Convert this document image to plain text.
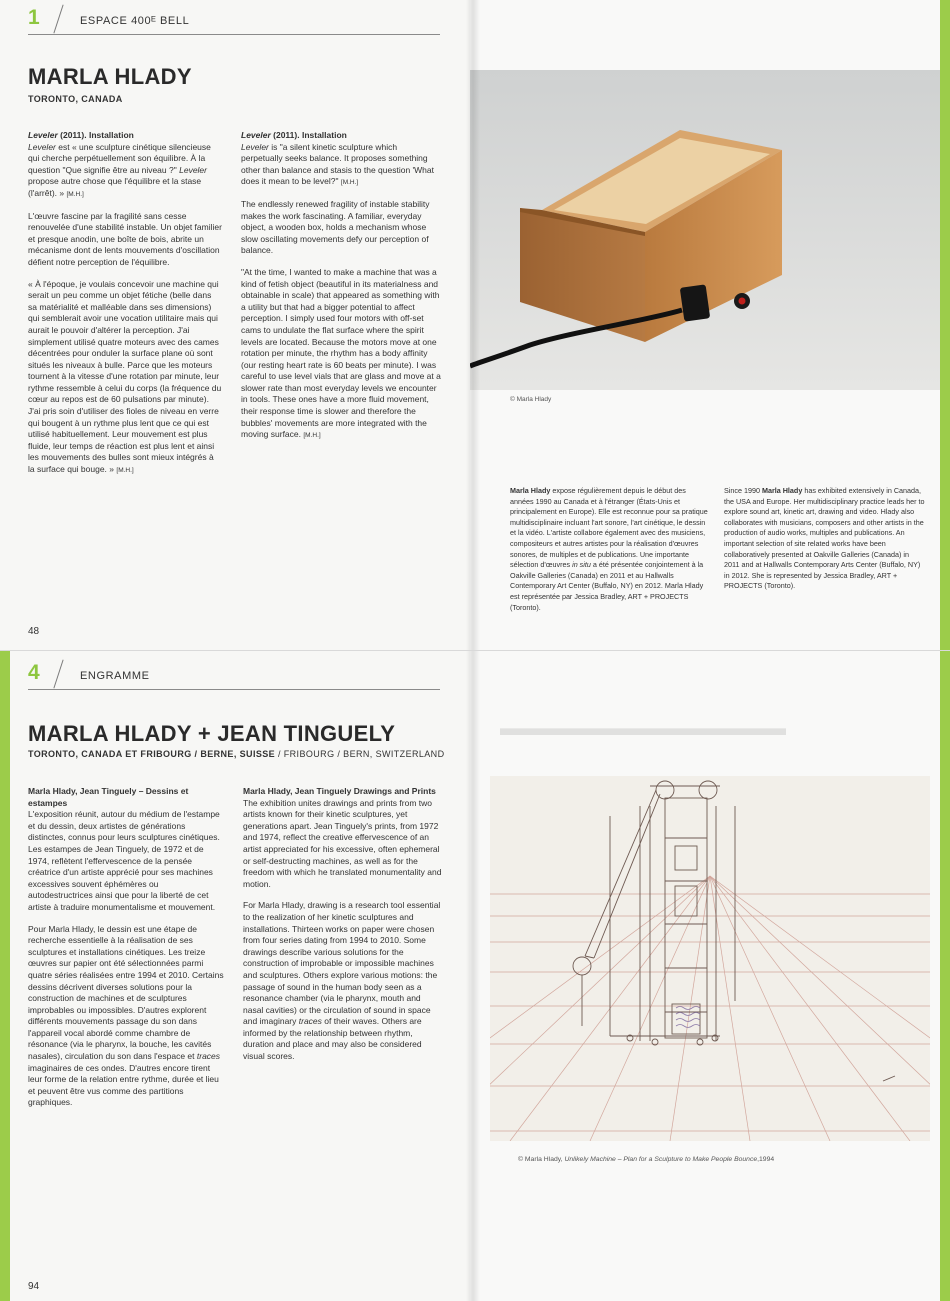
1	ESPACE 400ᴱ BELL
MARLA HLADY
TORONTO, CANADA

Leveler (2011). Installation

Leveler est « une sculpture cinétique silencieuse qui cherche perpétuellement son équilibre. À la question "Que signifie être au niveau ?" Leveler propose autre chose que l'équilibre et la stase (l'arrêt). » [M.H.]

L'œuvre fascine par la fragilité sans cesse renouvelée d'une stabilité instable. Un objet familier et presque anodin, une boîte de bois, abrite un mécanisme dont de lents mouvements d'oscillation défient notre perception de l'équilibre.

« À l'époque, je voulais concevoir une machine qui serait un peu comme un objet fétiche (belle dans sa matérialité et malléable dans ses dimensions) qui semblerait avoir une vocation utilitaire mais qui aurait le pouvoir d'altérer la perception. J'ai simplement utilisé quatre moteurs avec des cames décentrées pour onduler la surface plane où sont situés les niveaux à bulle. Parce que les moteurs tournent à la vitesse d'une rotation par minute, leur rythme ressemble à celui du corps (la fréquence du cœur au repos est de 60 pulsations par minute). J'ai pris soin d'utiliser des fioles de niveau en verre qui bougent à un rythme plus lent que ce qui est utilisé habituellement. Leur mouvement est plus fluide, leur temps de réaction est plus lent et ainsi les mouvements des bulles sont mieux intégrés à la surface qui bouge. » [M.H.]

Leveler (2011). Installation

Leveler is "a silent kinetic sculpture which perpetually seeks balance. It proposes something other than balance and stasis to the question 'What does it mean to be level?" [M.H.]

The endlessly renewed fragility of instable stability makes the work fascinating. A familiar, everyday object, a wooden box, holds a mechanism whose slow oscillating movements defy our perception of balance.

"At the time, I wanted to make a machine that was a kind of fetish object (beautiful in its materialness and obtainable in scale) that appeared as something with a utility but that had a bigger potential to affect perception. I simply used four motors with off-set cams to undulate the flat surface where the spirit levels are located. Because the motors move at one rotation per minute, the rhythm has a body affinity (our resting heart rate is 60 beats per minute). I was careful to use level vials that are glass and move at a slower rate than most everyday levels we encounter in tools. These ones have a more fluid movement, their response time is slower and therefore the bubbles' movements are more integrated with the moving surface. [M.H.]

48
© Marla Hlady
Marla Hlady expose régulièrement depuis le début des années 1990 au Canada et à l'étranger (États-Unis et principalement en Europe). Elle est reconnue pour sa pratique multidisciplinaire incluant l'art sonore, l'art cinétique, le dessin et la vidéo. L'artiste collabore également avec des musiciens, compositeurs et autres artistes pour la réalisation d'œuvres sonores, de multiples et de publications. Une importante sélection d'œuvres in situ a été présentée conjointement à la Oakville Galleries (Canada) en 2011 et au Hallwalls Contemporary Art Center (Buffalo, NY) en 2012. Marla Hlady est représentée par Jessica Bradley, ART + PROJECTS (Toronto).
Since 1990 Marla Hlady has exhibited extensively in Canada, the USA and Europe. Her multidisciplinary practice leads her to explore sound art, kinetic art, drawing and video. Hlady also collaborates with musicians, composers and other artists in the production of audio works, multiples and publications. An important selection of site related works have been collaboratively presented at Oakville Galleries (Canada) in 2011 and at Hallwalls Contemporary Arts Center (Buffalo, NY) in 2012. She is represented by Jessica Bradley, ART + PROJECTS (Toronto).
4	ENGRAMME
MARLA HLADY + JEAN TINGUELY
TORONTO, CANADA ET FRIBOURG / BERNE, SUISSE / FRIBOURG / BERN, SWITZERLAND

Marla Hlady, Jean Tinguely – Dessins et estampes

L'exposition réunit, autour du médium de l'estampe et du dessin, deux artistes de générations distinctes, connus pour leurs sculptures cinétiques. Les estampes de Jean Tinguely, de 1972 et de 1974, reflètent l'effervescence de la pensée créatrice d'un artiste apprécié pour ses machines excessives souvent éphémères ou autodestructrices ainsi que pour la liberté de cet artiste à traduire monumentalisme et mouvement.

Pour Marla Hlady, le dessin est une étape de recherche essentielle à la réalisation de ses sculptures et installations cinétiques. Les treize œuvres sur papier ont été sélectionnées parmi quatre séries réalisées entre 1994 et 2010. Certains dessins décrivent diverses solutions pour la construction de machines et de sculptures improbables ou impossibles. D'autres explorent différents mouvements passage du son dans l'appareil vocal abordé comme chambre de résonance (via le pharynx, la bouche, les cavités nasales), circulation du son dans l'espace et traces imaginaires de ces ondes. D'autres encore tirent leur forme de la relation entre rythme, durée et lieu et peuvent être vus comme des partitions graphiques.

Marla Hlady, Jean Tinguely Drawings and Prints

The exhibition unites drawings and prints from two artists known for their kinetic sculptures, yet generations apart. Jean Tinguely's prints, from 1972 and 1974, reflect the creative effervescence of an artist appreciated for his excessive, often ephemeral or self-destructing machines, as well as for the freedom with which he translated monumentality and motion.

For Marla Hlady, drawing is a research tool essential to the realization of her kinetic sculptures and installations. Thirteen works on paper were chosen from four series dating from 1994 to 2010. Some drawings describe various solutions for the construction of improbable or impossible machines and sculptures. Others explore various motions: the passage of sound in the human body seen as a resonance chamber (via le pharynx, mouth and nasal cavities) or the circulation of sound in space and imaginary traces of their waves. Others are informed by the relationship between rhythm, duration and place and may also be considered visual scores.

94
▬▬▬▬▬▬▬▬▬▬▬▬▬
© Marla Hlady, Unlikely Machine – Plan for a Sculpture to Make People Bounce,1994
